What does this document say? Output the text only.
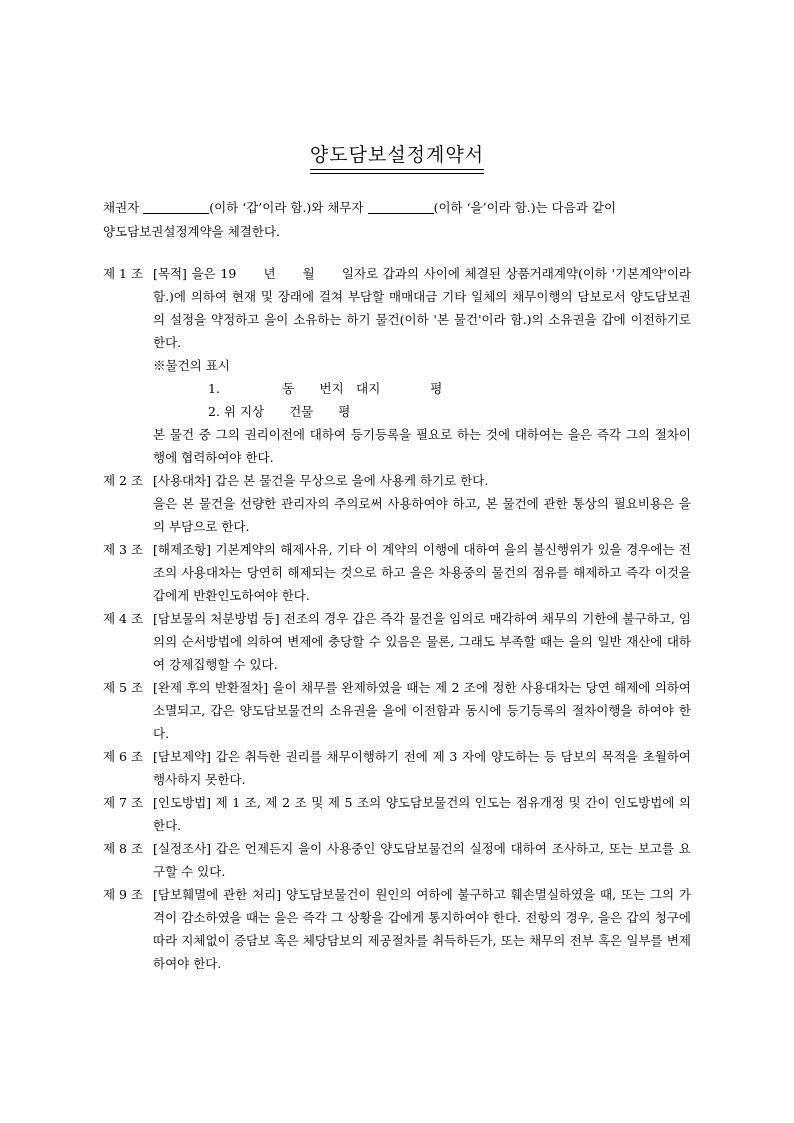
양도담보설정계약서
채권자	(이하 ‘갑’이라 함.)와 채무자	(이하 ‘을’이라 함.)는 다음과 같이
양도담보권설정계약을 체결한다.
제 1 조 [목적] 을은 19　　년　　월　　일자로 갑과의 사이에 체결된 상품거래계약(이하 '기본계약'이라 함.)에 의하여 현재 및 장래에 걸쳐 부담할 매매대금 기타 일체의 채무이행의 담보로서 양도담보권의 설정을 약정하고 을이 소유하는 하기 물건(이하 '본 물건'이라 함.)의 소유권을 갑에 이전하기로 한다.
※물건의 표시
1.　　　　　동　　번지　대지　　　　평
2. 위 지상　　건물　　평
본 물건 중 그의 권리이전에 대하여 등기등록을 필요로 하는 것에 대하여는 을은 즉각 그의 절차이행에 협력하여야 한다.
제 2 조 [사용대차] 갑은 본 물건을 무상으로 을에 사용케 하기로 한다.
을은 본 물건을 선량한 관리자의 주의로써 사용하여야 하고, 본 물건에 관한 통상의 필요비용은 을의 부담으로 한다.
제 3 조 [해제조항] 기본계약의 해제사유, 기타 이 계약의 이행에 대하여 을의 불신행위가 있을 경우에는 전조의 사용대차는 당연히 해제되는 것으로 하고 을은 차용중의 물건의 점유를 해제하고 즉각 이것을 갑에게 반환인도하여야 한다.
제 4 조 [담보물의 처분방법 등] 전조의 경우 갑은 즉각 물건을 임의로 매각하여 채무의 기한에 불구하고, 임의의 순서방법에 의하여 변제에 충당할 수 있음은 물론, 그래도 부족할 때는 을의 일반 재산에 대하여 강제집행할 수 있다.
제 5 조 [완제 후의 반환절차] 을이 채무를 완제하였을 때는 제 2 조에 정한 사용대차는 당연 해제에 의하여 소멸되고, 갑은 양도담보물건의 소유권을 을에 이전함과 동시에 등기등록의 절차이행을 하여야 한다.
제 6 조 [담보제약] 갑은 취득한 권리를 채무이행하기 전에 제 3 자에 양도하는 등 담보의 목적을 초월하여 행사하지 못한다.
제 7 조 [인도방법] 제 1 조, 제 2 조 및 제 5 조의 양도담보물건의 인도는 점유개정 및 간이 인도방법에 의한다.
제 8 조 [실정조사] 갑은 언제든지 을이 사용중인 양도담보물건의 실정에 대하여 조사하고, 또는 보고를 요구할 수 있다.
제 9 조 [담보훼멸에 관한 처리] 양도담보물건이 원인의 여하에 불구하고 훼손멸실하였을 때, 또는 그의 가격이 감소하였을 때는 을은 즉각 그 상황을 갑에게 통지하여야 한다. 전항의 경우, 을은 갑의 청구에 따라 지체없이 증담보 혹은 체당담보의 제공절차를 취득하든가, 또는 채무의 전부 혹은 일부를 변제하여야 한다.
